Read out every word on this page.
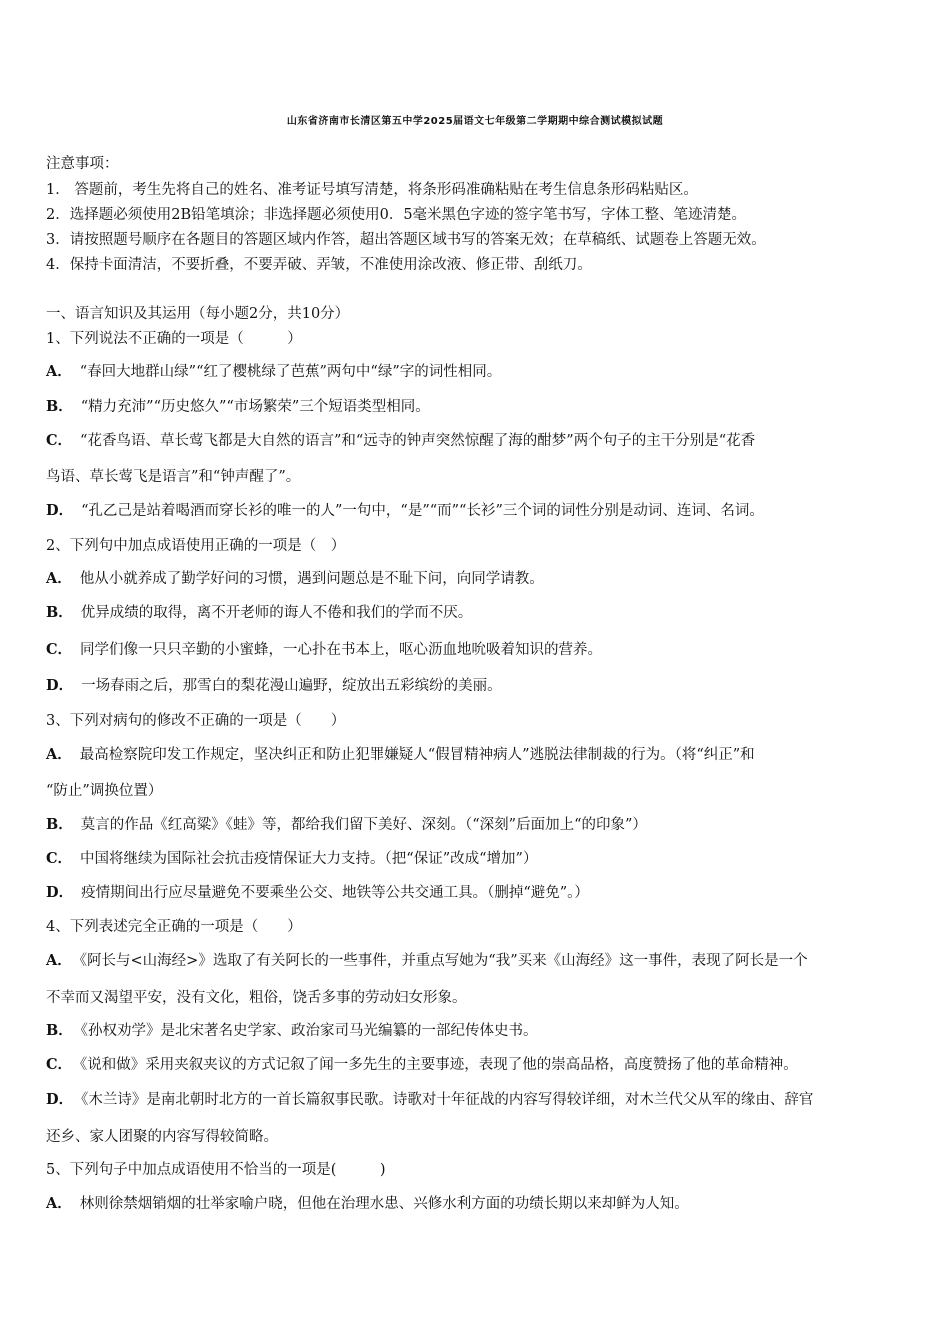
山东省济南市长清区第五中学2025届语文七年级第二学期期中综合测试模拟试题
注意事项：
1． 答题前，考生先将自己的姓名、准考证号填写清楚，将条形码准确粘贴在考生信息条形码粘贴区。
2．选择题必须使用2B铅笔填涂；非选择题必须使用0．5毫米黑色字迹的签字笔书写，字体工整、笔迹清楚。
3．请按照题号顺序在各题目的答题区域内作答，超出答题区域书写的答案无效；在草稿纸、试题卷上答题无效。
4．保持卡面清洁，不要折叠，不要弄破、弄皱，不准使用涂改液、修正带、刮纸刀。
一、语言知识及其运用（每小题2分，共10分）
1、下列说法不正确的一项是（　　　）
A． “春回大地群山绿”“红了樱桃绿了芭蕉”两句中“绿”字的词性相同。
B． “精力充沛”“历史悠久”“市场繁荣”三个短语类型相同。
C． “花香鸟语、草长莺飞都是大自然的语言”和“远寺的钟声突然惊醒了海的酣梦”两个句子的主干分别是“花香
鸟语、草长莺飞是语言”和“钟声醒了”。
D． “孔乙己是站着喝酒而穿长衫的唯一的人”一句中，“是”“而”“长衫”三个词的词性分别是动词、连词、名词。
2、下列句中加点成语使用正确的一项是（　）
A． 他从小就养成了勤学好问的习惯，遇到问题总是不耻下问，向同学请教。
B． 优异成绩的取得，离不开老师的诲人不倦和我们的学而不厌。
C． 同学们像一只只辛勤的小蜜蜂，一心扑在书本上，呕心沥血地吮吸着知识的营养。
D． 一场春雨之后，那雪白的梨花漫山遍野，绽放出五彩缤纷的美丽。
3、下列对病句的修改不正确的一项是（　　）
A． 最高检察院印发工作规定，坚决纠正和防止犯罪嫌疑人“假冒精神病人”逃脱法律制裁的行为。（将“纠正”和
“防止”调换位置）
B． 莫言的作品《红高粱》《蛙》等，都给我们留下美好、深刻。（“深刻”后面加上“的印象”）
C． 中国将继续为国际社会抗击疫情保证大力支持。（把“保证”改成“增加”）
D． 疫情期间出行应尽量避免不要乘坐公交、地铁等公共交通工具。（删掉“避免”。）
4、下列表述完全正确的一项是（　　）
A． 《阿长与<山海经>》选取了有关阿长的一些事件，并重点写她为“我”买来《山海经》这一事件，表现了阿长是一个
不幸而又渴望平安，没有文化，粗俗，饶舌多事的劳动妇女形象。
B． 《孙权劝学》是北宋著名史学家、政治家司马光编纂的一部纪传体史书。
C． 《说和做》采用夹叙夹议的方式记叙了闻一多先生的主要事迹，表现了他的崇高品格，高度赞扬了他的革命精神。
D． 《木兰诗》是南北朝时北方的一首长篇叙事民歌。诗歌对十年征战的内容写得较详细，对木兰代父从军的缘由、辞官
还乡、家人团聚的内容写得较简略。
5、下列句子中加点成语使用不恰当的一项是(　　　)
A． 林则徐禁烟销烟的壮举家喻户晓，但他在治理水患、兴修水利方面的功绩长期以来却鲜为人知。
